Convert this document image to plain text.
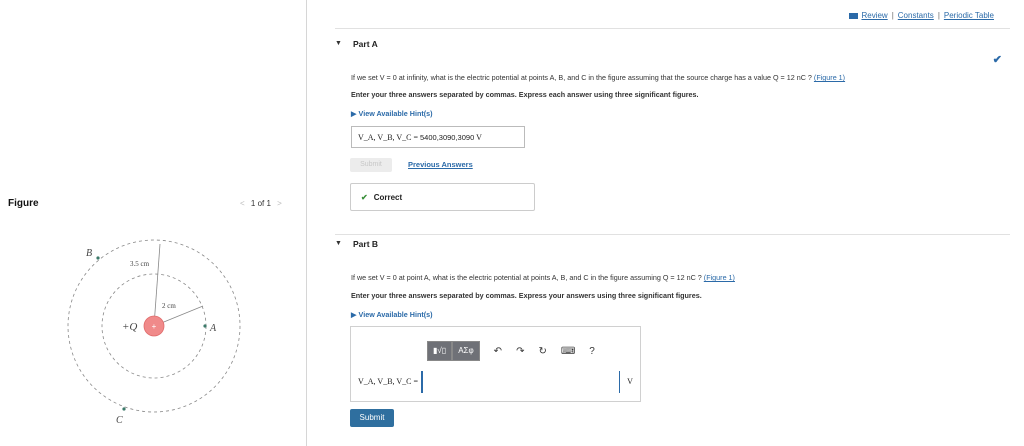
Figure	< 1 of 1 >
+
+Q	A
B
C
3.5 cm
2 cm
Review | Constants | Periodic Table
▼ Part A
✔
If we set V = 0 at infinity, what is the electric potential at points A, B, and C in the figure assuming that the source charge has a value Q = 12 nC ? (Figure 1)
Enter your three answers separated by commas. Express each answer using three significant figures.
▶ View Available Hint(s)
V_A, V_B, V_C = 5400,3090,3090 V
Submit	Previous Answers
✔ Correct
▼ Part B
If we set V = 0 at point A, what is the electric potential at points A, B, and C in the figure assuming Q = 12 nC ? (Figure 1)
Enter your three answers separated by commas. Express your answers using three significant figures.
▶ View Available Hint(s)
▮√▯	ΑΣφ	↶ ↷ ↻ ⌨ ?
V_A, V_B, V_C =	V
Submit
